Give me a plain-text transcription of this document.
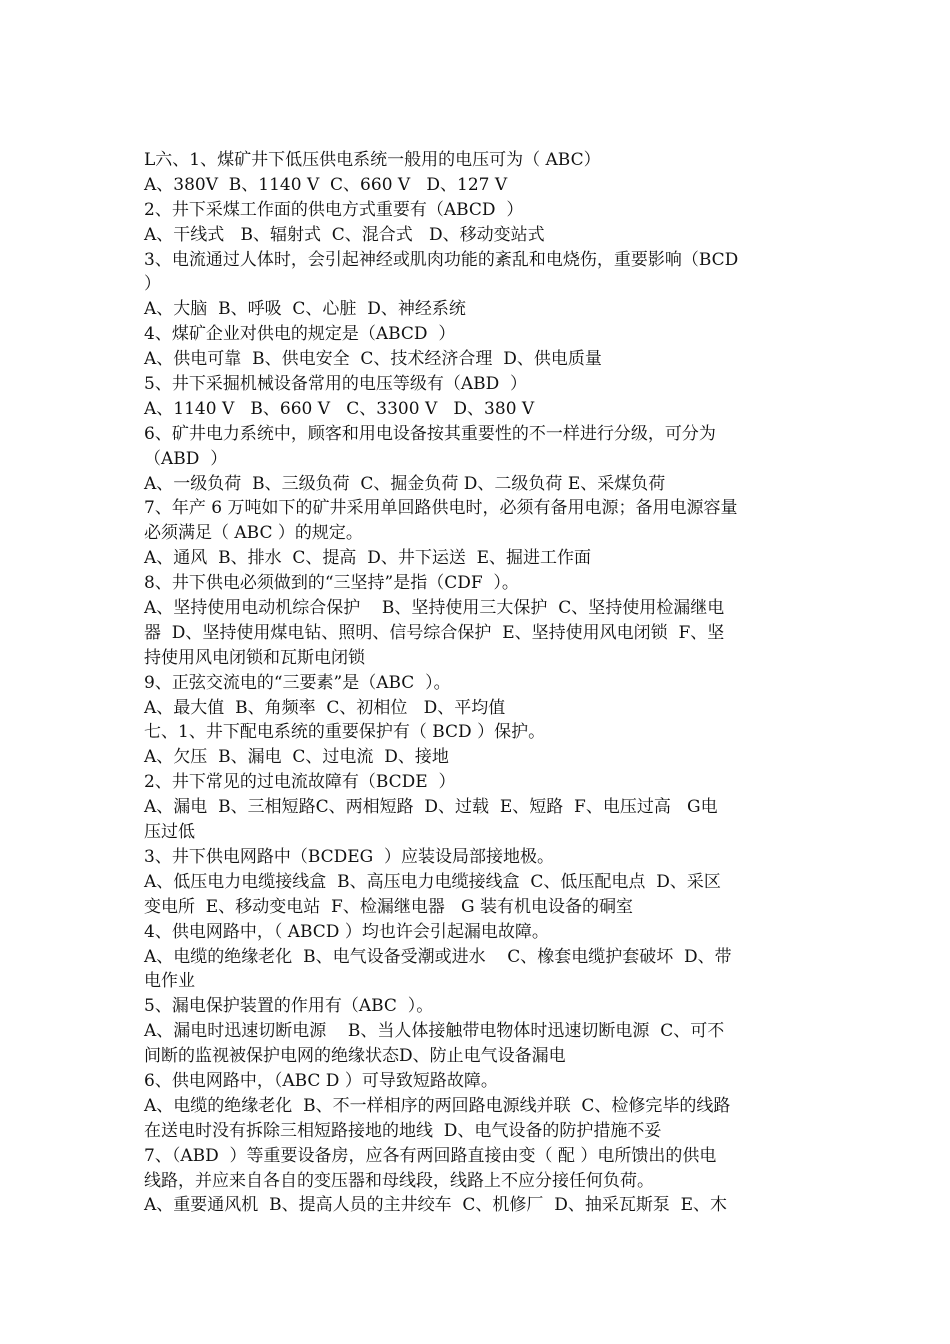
L六、1、煤矿井下低压供电系统一般用的电压可为（ ABC）
A、380V  B、1140 V  C、660 V   D、127 V
2、井下采煤工作面的供电方式重要有（ABCD  ）
A、干线式   B、辐射式  C、混合式   D、移动变站式
3、电流通过人体时，会引起神经或肌肉功能的紊乱和电烧伤，重要影响（BCD
）
A、大脑  B、呼吸  C、心脏  D、神经系统
4、煤矿企业对供电的规定是（ABCD  ）
A、供电可靠  B、供电安全  C、技术经济合理  D、供电质量
5、井下采掘机械设备常用的电压等级有（ABD  ）
A、1140 V   B、660 V   C、3300 V   D、380 V
6、矿井电力系统中，顾客和用电设备按其重要性的不一样进行分级，可分为
（ABD  ）
A、一级负荷  B、三级负荷  C、掘金负荷 D、二级负荷 E、采煤负荷
7、年产 6 万吨如下的矿井采用单回路供电时，必须有备用电源；备用电源容量
必须满足（ ABC ）的规定。
A、通风  B、排水  C、提高  D、井下运送  E、掘进工作面
8、井下供电必须做到的“三坚持”是指（CDF  ）。
A、坚持使用电动机综合保护    B、坚持使用三大保护  C、坚持使用检漏继电
器  D、坚持使用煤电钻、照明、信号综合保护  E、坚持使用风电闭锁  F、坚
持使用风电闭锁和瓦斯电闭锁
9、正弦交流电的“三要素”是（ABC  ）。
A、最大值  B、角频率  C、初相位   D、平均值
七、1、井下配电系统的重要保护有（ BCD ）保护。
A、欠压  B、漏电  C、过电流  D、接地
2、井下常见的过电流故障有（BCDE  ）
A、漏电  B、三相短路C、两相短路  D、过载  E、短路  F、电压过高   G电
压过低
3、井下供电网路中（BCDEG  ）应装设局部接地极。
A、低压电力电缆接线盒  B、高压电力电缆接线盒  C、低压配电点  D、采区
变电所  E、移动变电站  F、检漏继电器   G 装有机电设备的硐室
4、供电网路中，（ ABCD ）均也许会引起漏电故障。
A、电缆的绝缘老化  B、电气设备受潮或进水    C、橡套电缆护套破坏  D、带
电作业
5、漏电保护装置的作用有（ABC  ）。
A、漏电时迅速切断电源    B、当人体接触带电物体时迅速切断电源  C、可不
间断的监视被保护电网的绝缘状态D、防止电气设备漏电
6、供电网路中，（ABC D ）可导致短路故障。
A、电缆的绝缘老化  B、不一样相序的两回路电源线并联  C、检修完毕的线路
在送电时没有拆除三相短路接地的地线  D、电气设备的防护措施不妥
7、（ABD  ）等重要设备房，应各有两回路直接由变（ 配 ）电所馈出的供电
线路，并应来自各自的变压器和母线段，线路上不应分接任何负荷。
A、重要通风机  B、提高人员的主井绞车  C、机修厂  D、抽采瓦斯泵  E、木
